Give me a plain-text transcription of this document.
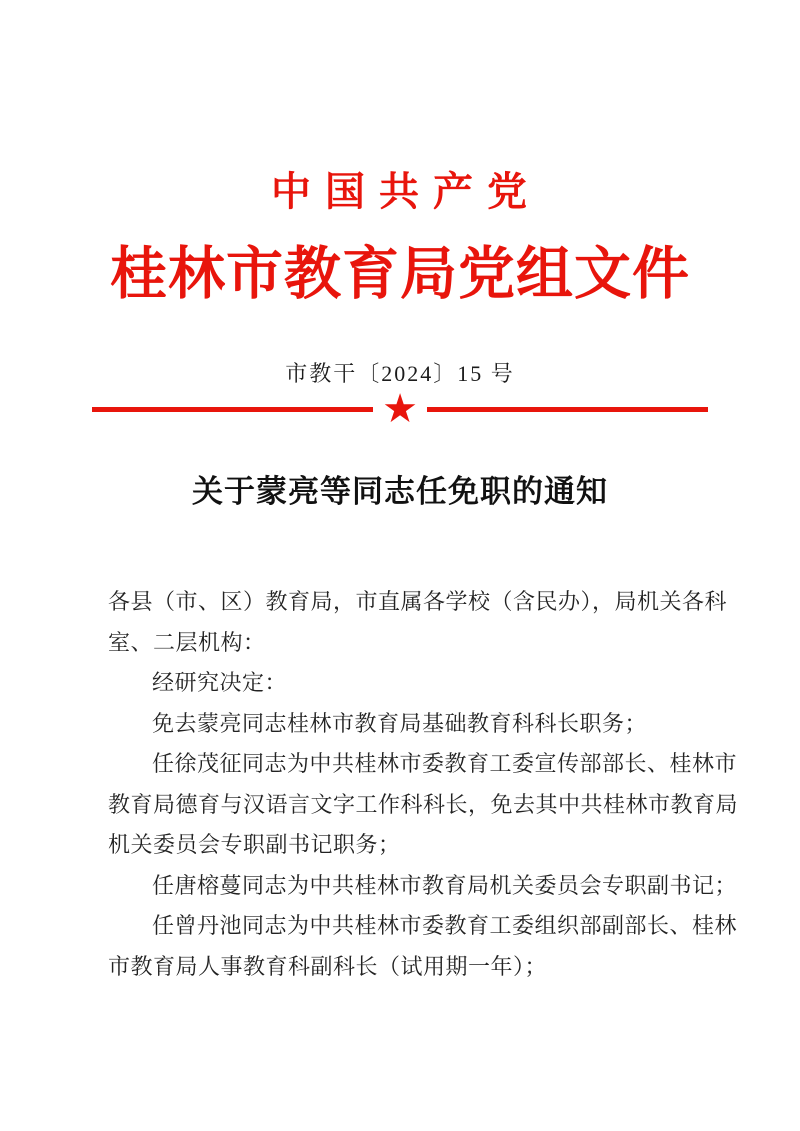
中 国 共 产 党
桂林市教育局党组文件
市教干〔2024〕15 号
★
关于蒙亮等同志任免职的通知
各县（市、区）教育局，市直属各学校（含民办），局机关各科
室、二层机构：
经研究决定：
免去蒙亮同志桂林市教育局基础教育科科长职务；
任徐茂征同志为中共桂林市委教育工委宣传部部长、桂林市
教育局德育与汉语言文字工作科科长，免去其中共桂林市教育局
机关委员会专职副书记职务；
任唐榕蔓同志为中共桂林市教育局机关委员会专职副书记；
任曾丹池同志为中共桂林市委教育工委组织部副部长、桂林
市教育局人事教育科副科长（试用期一年）；
